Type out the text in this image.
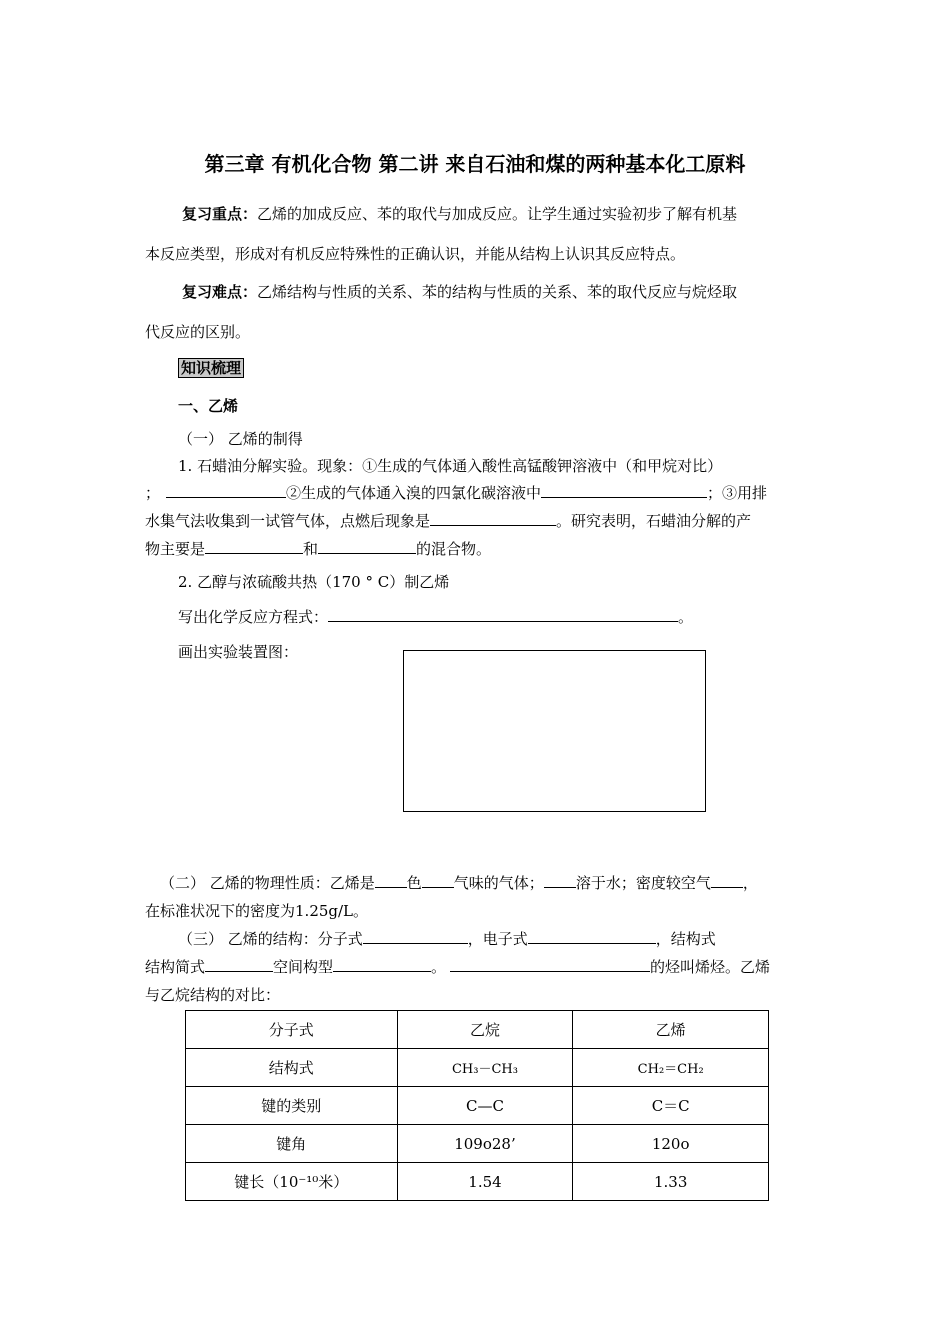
第三章 有机化合物 第二讲 来自石油和煤的两种基本化工原料
复习重点：乙烯的加成反应、苯的取代与加成反应。让学生通过实验初步了解有机基
本反应类型，形成对有机反应特殊性的正确认识，并能从结构上认识其反应特点。
复习难点：乙烯结构与性质的关系、苯的结构与性质的关系、苯的取代反应与烷烃取
代反应的区别。
知识梳理
一、乙烯
（一） 乙烯的制得
1. 石蜡油分解实验。现象：①生成的气体通入酸性高锰酸钾溶液中（和甲烷对比）
；	②生成的气体通入溴的四氯化碳溶液中	；③用排
水集气法收集到一试管气体，点燃后现象是	。研究表明，石蜡油分解的产
物主要是	和	的混合物。
2. 乙醇与浓硫酸共热（170 ° C）制乙烯
写出化学反应方程式：	。
画出实验装置图：
（二） 乙烯的物理性质：乙烯是 色 气味的气体； 溶于水；密度较空气 ，
在标准状况下的密度为1.25g/L。
（三） 乙烯的结构：分子式	，电子式	，结构式
结构简式	空间构型	。	的烃叫烯烃。乙烯
与乙烷结构的对比：
分子式	乙烷	乙烯
结构式	CH₃－CH₃	CH₂＝CH₂
键的类别	C—C	C＝C
键角	109o28’	120o
键长（10⁻¹⁰米）	1.54	1.33
